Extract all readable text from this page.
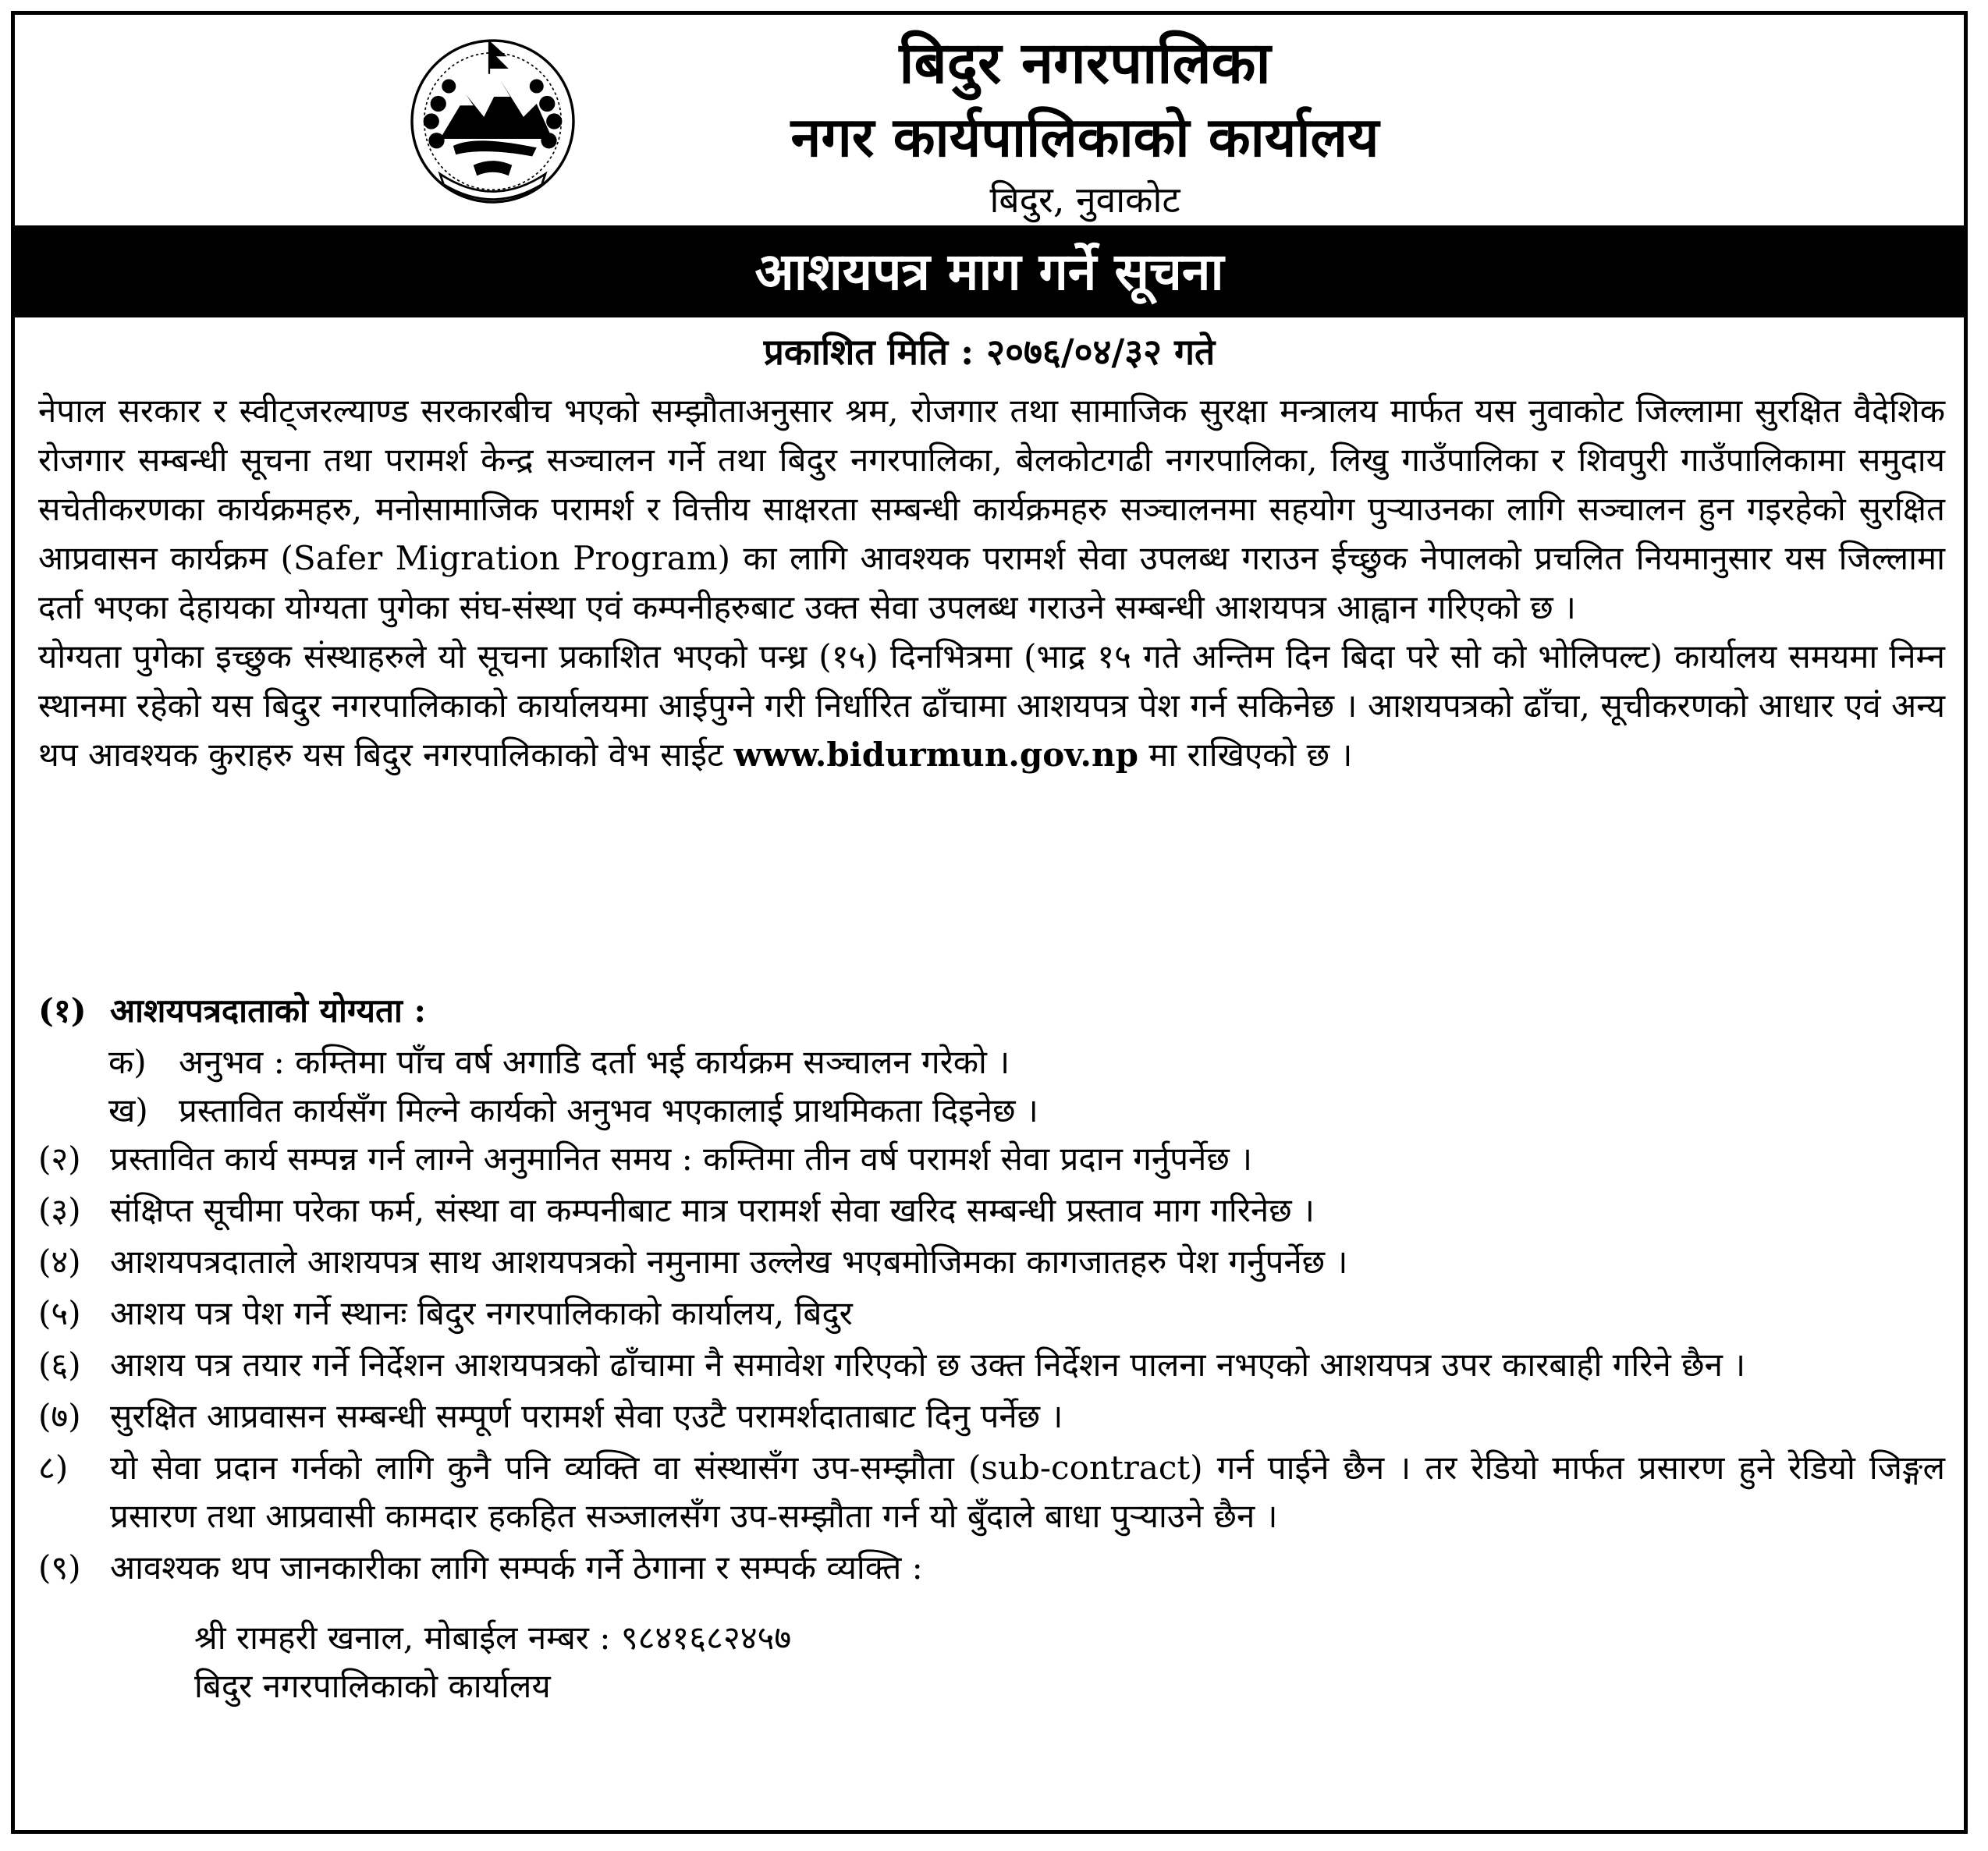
बिदुर नगरपालिका
नगर कार्यपालिकाको कार्यालय
बिदुर, नुवाकोट
आशयपत्र माग गर्ने सूचना
प्रकाशित मिति : २०७६/०४/३२ गते

नेपाल सरकार र स्वीट्जरल्याण्ड सरकारबीच भएको सम्झौताअनुसार श्रम, रोजगार तथा सामाजिक सुरक्षा मन्त्रालय मार्फत यस नुवाकोट जिल्लामा सुरक्षित वैदेशिक रोजगार सम्बन्धी सूचना तथा परामर्श केन्द्र सञ्चालन गर्ने तथा बिदुर नगरपालिका, बेलकोटगढी नगरपालिका, लिखु गाउँपालिका र शिवपुरी गाउँपालिकामा समुदाय सचेतीकरणका कार्यक्रमहरु, मनोसामाजिक परामर्श र वित्तीय साक्षरता सम्बन्धी कार्यक्रमहरु सञ्चालनमा सहयोग पुऱ्याउनका लागि सञ्चालन हुन गइरहेको सुरक्षित आप्रवासन कार्यक्रम (Safer Migration Program) का लागि आवश्यक परामर्श सेवा उपलब्ध गराउन ईच्छुक नेपालको प्रचलित नियमानुसार यस जिल्लामा दर्ता भएका देहायका योग्यता पुगेका संघ-संस्था एवं कम्पनीहरुबाट उक्त सेवा उपलब्ध गराउने सम्बन्धी आशयपत्र आह्वान गरिएको छ ।

योग्यता पुगेका इच्छुक संस्थाहरुले यो सूचना प्रकाशित भएको पन्ध्र (१५) दिनभित्रमा (भाद्र १५ गते अन्तिम दिन बिदा परे सो को भोलिपल्ट) कार्यालय समयमा निम्न स्थानमा रहेको यस बिदुर नगरपालिकाको कार्यालयमा आईपुग्ने गरी निर्धारित ढाँचामा आशयपत्र पेश गर्न सकिनेछ । आशयपत्रको ढाँचा, सूचीकरणको आधार एवं अन्य थप आवश्यक कुराहरु यस बिदुर नगरपालिकाको वेभ साईट www.bidurmun.gov.np मा राखिएको छ ।

(१) आशयपत्रदाताको योग्यता :
क) अनुभव : कम्तिमा पाँच वर्ष अगाडि दर्ता भई कार्यक्रम सञ्चालन गरेको ।
ख) प्रस्तावित कार्यसँग मिल्ने कार्यको अनुभव भएकालाई प्राथमिकता दिइनेछ ।
(२) प्रस्तावित कार्य सम्पन्न गर्न लाग्ने अनुमानित समय : कम्तिमा तीन वर्ष परामर्श सेवा प्रदान गर्नुपर्नेछ ।
(३) संक्षिप्त सूचीमा परेका फर्म, संस्था वा कम्पनीबाट मात्र परामर्श सेवा खरिद सम्बन्धी प्रस्ताव माग गरिनेछ ।
(४) आशयपत्रदाताले आशयपत्र साथ आशयपत्रको नमुनामा उल्लेख भएबमोजिमका कागजातहरु पेश गर्नुपर्नेछ ।
(५) आशय पत्र पेश गर्ने स्थानः बिदुर नगरपालिकाको कार्यालय, बिदुर
(६) आशय पत्र तयार गर्ने निर्देशन आशयपत्रको ढाँचामा नै समावेश गरिएको छ उक्त निर्देशन पालना नभएको आशयपत्र उपर कारबाही गरिने छैन ।
(७) सुरक्षित आप्रवासन सम्बन्धी सम्पूर्ण परामर्श सेवा एउटै परामर्शदाताबाट दिनु पर्नेछ ।
८) यो सेवा प्रदान गर्नको लागि कुनै पनि व्यक्ति वा संस्थासँग उप-सम्झौता (sub-contract) गर्न पाईने छैन । तर रेडियो मार्फत प्रसारण हुने रेडियो जिङ्गल प्रसारण तथा आप्रवासी कामदार हकहित सञ्जालसँग उप-सम्झौता गर्न यो बुँदाले बाधा पुऱ्याउने छैन ।
(९) आवश्यक थप जानकारीका लागि सम्पर्क गर्ने ठेगाना र सम्पर्क व्यक्ति :
श्री रामहरी खनाल, मोबाईल नम्बर : ९८४१६८२४५७
बिदुर नगरपालिकाको कार्यालय
